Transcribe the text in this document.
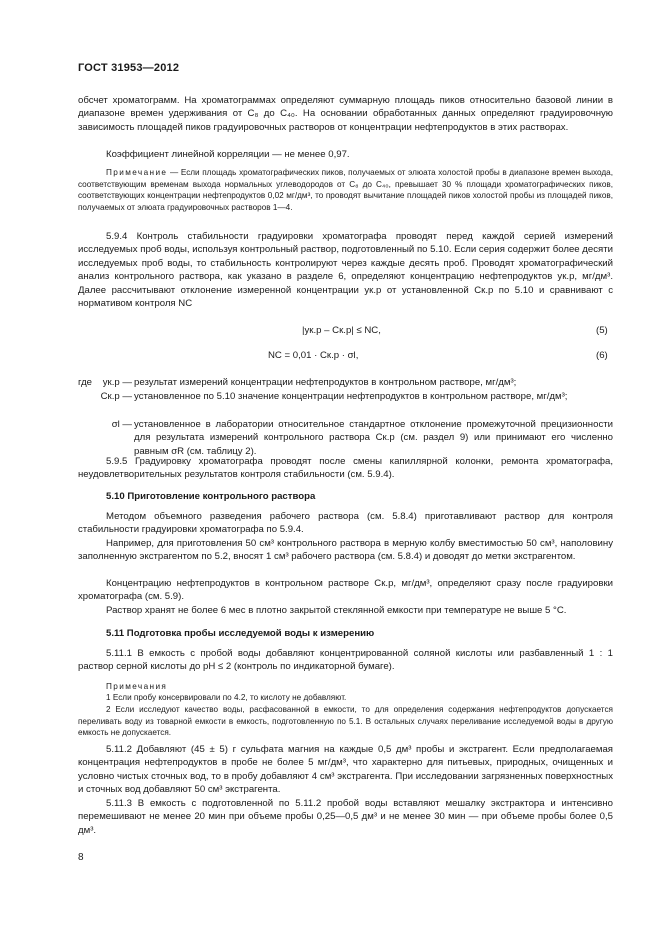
ГОСТ 31953—2012

обсчет хроматограмм. На хроматограммах определяют суммарную площадь пиков относительно базовой линии в диапазоне времен удерживания от C₈ до C₄₀. На основании обработанных данных определяют градуировочную зависимость площадей пиков градуировочных растворов от концентрации нефтепродуктов в этих растворах.

Коэффициент линейной корреляции — не менее 0,97.

Примечание — Если площадь хроматографических пиков, получаемых от элюата холостой пробы в диапазоне времен выхода, соответствующим временам выхода нормальных углеводородов от C₈ до C₄₀, превышает 30 % площади хроматографических пиков, соответствующих концентрации нефтепродуктов 0,02 мг/дм³, то проводят вычитание площадей пиков холостой пробы из площадей пиков, получаемых от элюата градуировочных растворов 1—4.

5.9.4 Контроль стабильности градуировки хроматографа проводят перед каждой серией измерений исследуемых проб воды, используя контрольный раствор, подготовленный по 5.10. Если серия содержит более десяти исследуемых проб воды, то стабильность контролируют через каждые десять проб. Проводят хроматографический анализ контрольного раствора, как указано в разделе 6, определяют концентрацию нефтепродуктов yк.р, мг/дм³. Далее рассчитывают отклонение измеренной концентрации yк.р от установленной Cк.р по 5.10 и сравнивают с нормативом контроля NC

|yк.р – Cк.р| ≤ NC,	(5)
NC = 0,01 · Cк.р · σl,	(6)
где yк.р — результат измерений концентрации нефтепродуктов в контрольном растворе, мг/дм³;

Cк.р — установленное по 5.10 значение концентрации нефтепродуктов в контрольном растворе, мг/дм³;

σl — установленное в лаборатории относительное стандартное отклонение промежуточной прецизионности для результата измерений контрольного раствора Cк.р (см. раздел 9) или принимают его численно равным σR (см. таблицу 2).

5.9.5 Градуировку хроматографа проводят после смены капиллярной колонки, ремонта хроматографа, неудовлетворительных результатов контроля стабильности (см. 5.9.4).

5.10 Приготовление контрольного раствора

Методом объемного разведения рабочего раствора (см. 5.8.4) приготавливают раствор для контроля стабильности градуировки хроматографа по 5.9.4.

Например, для приготовления 50 см³ контрольного раствора в мерную колбу вместимостью 50 см³, наполовину заполненную экстрагентом по 5.2, вносят 1 см³ рабочего раствора (см. 5.8.4) и доводят до метки экстрагентом.

Концентрацию нефтепродуктов в контрольном растворе Cк.р, мг/дм³, определяют сразу после градуировки хроматографа (см. 5.9).

Раствор хранят не более 6 мес в плотно закрытой стеклянной емкости при температуре не выше 5 °C.

5.11 Подготовка пробы исследуемой воды к измерению

5.11.1 В емкость с пробой воды добавляют концентрированной соляной кислоты или разбавленный 1 : 1 раствор серной кислоты до pH ≤ 2 (контроль по индикаторной бумаге).

Примечания

1 Если пробу консервировали по 4.2, то кислоту не добавляют.

2 Если исследуют качество воды, расфасованной в емкости, то для определения содержания нефтепродуктов допускается переливать воду из товарной емкости в емкость, подготовленную по 5.1. В остальных случаях переливание исследуемой воды в другую емкость не допускается.

5.11.2 Добавляют (45 ± 5) г сульфата магния на каждые 0,5 дм³ пробы и экстрагент. Если предполагаемая концентрация нефтепродуктов в пробе не более 5 мг/дм³, что характерно для питьевых, природных, очищенных и условно чистых сточных вод, то в пробу добавляют 4 см³ экстрагента. При исследовании загрязненных поверхностных и сточных вод добавляют 50 см³ экстрагента.

5.11.3 В емкость с подготовленной по 5.11.2 пробой воды вставляют мешалку экстрактора и интенсивно перемешивают не менее 20 мин при объеме пробы 0,25—0,5 дм³ и не менее 30 мин — при объеме пробы более 0,5 дм³.

8
